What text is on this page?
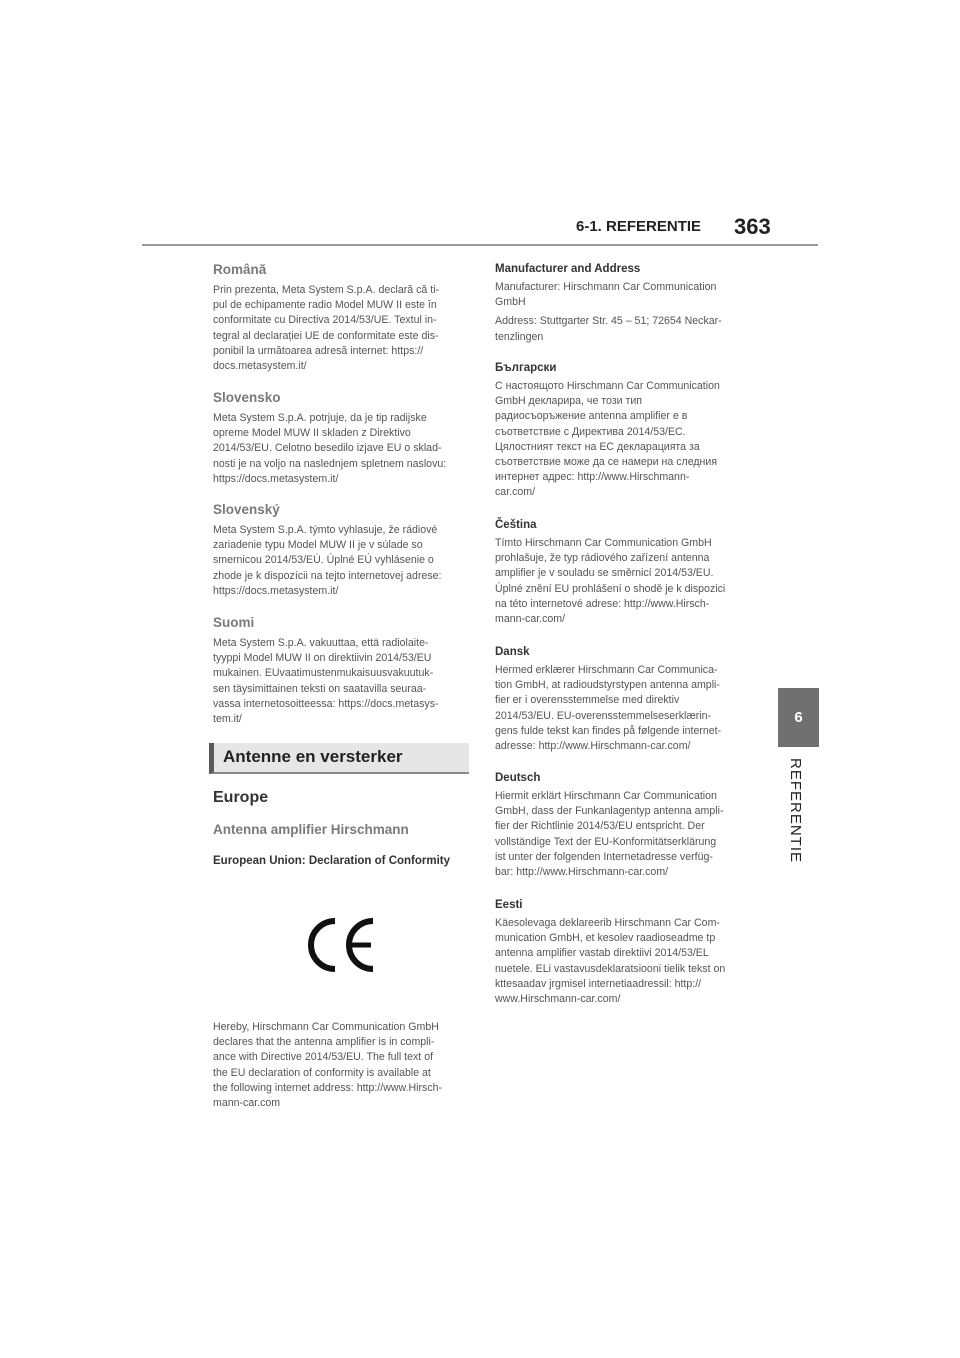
6-1. REFERENTIE 363
6
REFERENTIE
Română

Prin prezenta, Meta System S.p.A. declară că ti-
pul de echipamente radio Model MUW II este în
conformitate cu Directiva 2014/53/UE. Textul in-
tegral al declarației UE de conformitate este dis-
ponibil la următoarea adresă internet: https://
docs.metasystem.it/

Slovensko

Meta System S.p.A. potrjuje, da je tip radijske
opreme Model MUW II skladen z Direktivo
2014/53/EU. Celotno besedilo izjave EU o sklad-
nosti je na voljo na naslednjem spletnem naslovu:
https://docs.metasystem.it/

Slovenský

Meta System S.p.A. týmto vyhlasuje, že rádiové
zariadenie typu Model MUW II je v súlade so
smernicou 2014/53/EÚ. Úplné EÚ vyhlásenie o
zhode je k dispozícii na tejto internetovej adrese:
https://docs.metasystem.it/

Suomi

Meta System S.p.A. vakuuttaa, että radiolaite-
tyyppi Model MUW II on direktiivin 2014/53/EU
mukainen. EUvaatimustenmukaisuusvakuutuk-
sen täysimittainen teksti on saatavilla seuraa-
vassa internetosoitteessa: https://docs.metasys-
tem.it/

Antenne en versterker
Europe
Antenna amplifier Hirschmann
European Union: Declaration of Conformity

Hereby, Hirschmann Car Communication GmbH
declares that the antenna amplifier is in compli-
ance with Directive 2014/53/EU. The full text of
the EU declaration of conformity is available at
the following internet address: http://www.Hirsch-
mann-car.com

Manufacturer and Address

Manufacturer: Hirschmann Car Communication
GmbH

Address: Stuttgarter Str. 45 – 51; 72654 Neckar-
tenzlingen

Български

С настоящото Hirschmann Car Communication
GmbH декларира, че този тип
радиосъоръжение antenna amplifier е в
съответствие с Директива 2014/53/ЕС.
Цялостният текст на ЕС декларацията за
съответствие може да се намери на следния
интернет адрес: http://www.Hirschmann-
car.com/

Čeština

Tímto Hirschmann Car Communication GmbH
prohlašuje, že typ rádiového zařízení antenna
amplifier je v souladu se směrnicí 2014/53/EU.
Úplné znění EU prohlášení o shodě je k dispozici
na této internetové adrese: http://www.Hirsch-
mann-car.com/

Dansk

Hermed erklærer Hirschmann Car Communica-
tion GmbH, at radioudstyrstypen antenna ampli-
fier er i overensstemmelse med direktiv
2014/53/EU. EU-overensstemmelseserklærin-
gens fulde tekst kan findes på følgende internet-
adresse: http://www.Hirschmann-car.com/

Deutsch

Hiermit erklärt Hirschmann Car Communication
GmbH, dass der Funkanlagentyp antenna ampli-
fier der Richtlinie 2014/53/EU entspricht. Der
vollständige Text der EU-Konformitätserklärung
ist unter der folgenden Internetadresse verfüg-
bar: http://www.Hirschmann-car.com/

Eesti

Käesolevaga deklareerib Hirschmann Car Com-
munication GmbH, et kesolev raadioseadme tp
antenna amplifier vastab direktiivi 2014/53/EL
nuetele. ELi vastavusdeklaratsiooni tielik tekst on
kttesaadav jrgmisel internetiaadressil: http://
www.Hirschmann-car.com/
